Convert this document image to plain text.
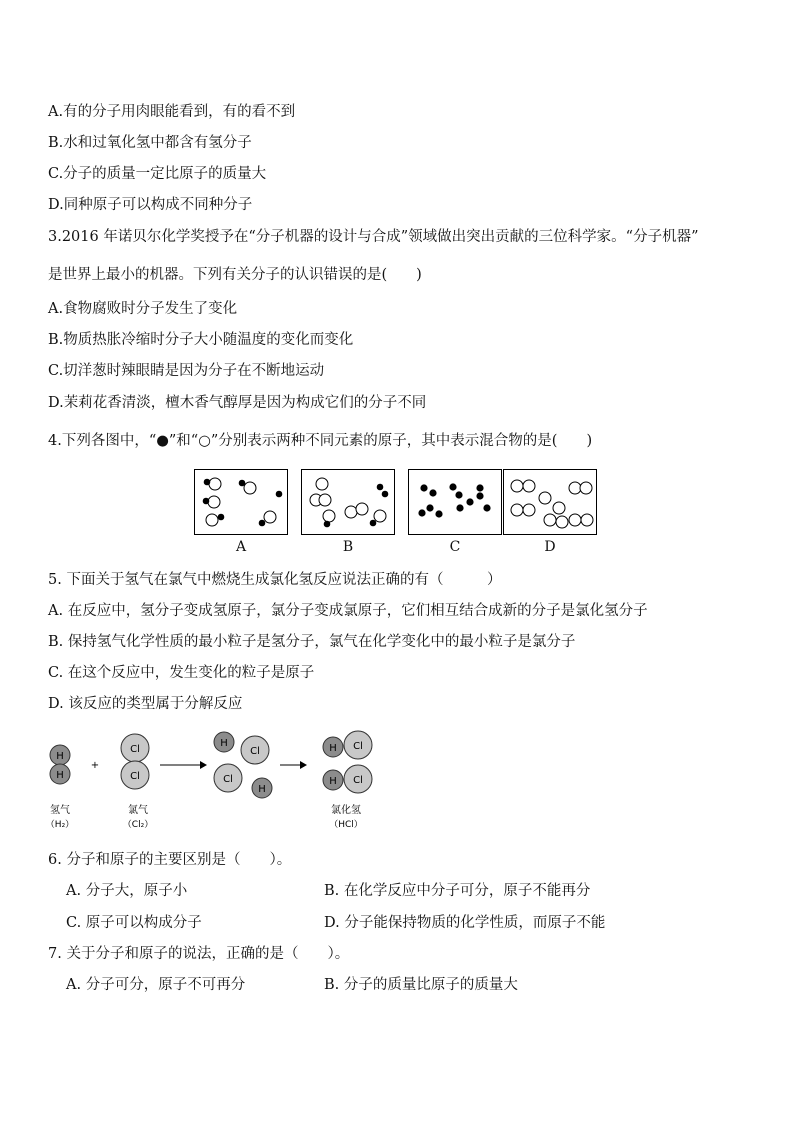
A.有的分子用肉眼能看到，有的看不到
B.水和过氧化氢中都含有氢分子
C.分子的质量一定比原子的质量大
D.同种原子可以构成不同种分子
3.2016 年诺贝尔化学奖授予在“分子机器的设计与合成”领域做出突出贡献的三位科学家。“分子机器”
是世界上最小的机器。下列有关分子的认识错误的是(　　)
A.食物腐败时分子发生了变化
B.物质热胀冷缩时分子大小随温度的变化而变化
C.切洋葱时辣眼睛是因为分子在不断地运动
D.茉莉花香清淡，檀木香气醇厚是因为构成它们的分子不同
4.下列各图中，“●”和“○”分别表示两种不同元素的原子，其中表示混合物的是(　　)
A	B	C	D
5. 下面关于氢气在氯气中燃烧生成氯化氢反应说法正确的有（　　　）
A. 在反应中，氢分子变成氢原子，氯分子变成氯原子，它们相互结合成新的分子是氯化氢分子
B. 保持氢气化学性质的最小粒子是氢分子，氯气在化学变化中的最小粒子是氯分子
C. 在这个反应中，发生变化的粒子是原子
D. 该反应的类型属于分解反应
H
H
+
Cl
Cl
H
Cl
Cl
H
H Cl
H Cl
氢气
（H₂）
氯气
（Cl₂）
氯化氢
（HCl）
6. 分子和原子的主要区别是（　　）。
A. 分子大，原子小	B. 在化学反应中分子可分，原子不能再分
C. 原子可以构成分子	D. 分子能保持物质的化学性质，而原子不能
7. 关于分子和原子的说法，正确的是（　　）。
A. 分子可分，原子不可再分	B. 分子的质量比原子的质量大
